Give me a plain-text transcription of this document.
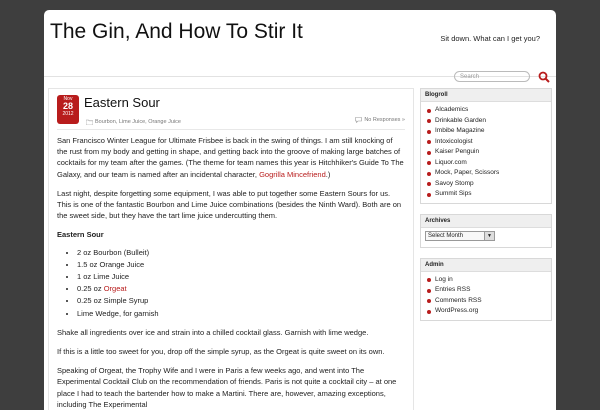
The Gin, And How To Stir It	Sit down. What can I get you?
Search
Nov
28
2012
Eastern Sour
Bourbon, Lime Juice, Orange Juice	No Responses »

San Francisco Winter League for Ultimate Frisbee is back in the swing of things. I am still knocking of the rust from my body and getting in shape, and getting back into the groove of making large batches of cocktails for my team after the games. (The theme for team names this year is Hitchhiker's Guide To The Galaxy, and our team is named after an incidental character, Gogrilla Mincefriend.)

Last night, despite forgetting some equipment, I was able to put together some Eastern Sours for us. This is one of the fantastic Bourbon and Lime Juice combinations (besides the Ninth Ward). Both are on the sweet side, but they have the tart lime juice undercutting them.

Eastern Sour
• 2 oz Bourbon (Bulleit)
• 1.5 oz Orange Juice
• 1 oz Lime Juice
• 0.25 oz Orgeat
• 0.25 oz Simple Syrup
• Lime Wedge, for garnish

Shake all ingredients over ice and strain into a chilled cocktail glass. Garnish with lime wedge.

If this is a little too sweet for you, drop off the simple syrup, as the Orgeat is quite sweet on its own.

Speaking of Orgeat, the Trophy Wife and I were in Paris a few weeks ago, and went into The Experimental Cocktail Club on the recommendation of friends. Paris is not quite a cocktail city – at one place I had to teach the bartender how to make a Martini. There are, however, amazing exceptions, including The Experimental

Blogroll
Alcademics
Drinkable Garden
Imbibe Magazine
Intoxicologist
Kaiser Penguin
Liquor.com
Mock, Paper, Scissors
Savoy Stomp
Summit Sips
Archives
Select Month	▼
Admin
Log in
Entries RSS
Comments RSS
WordPress.org
